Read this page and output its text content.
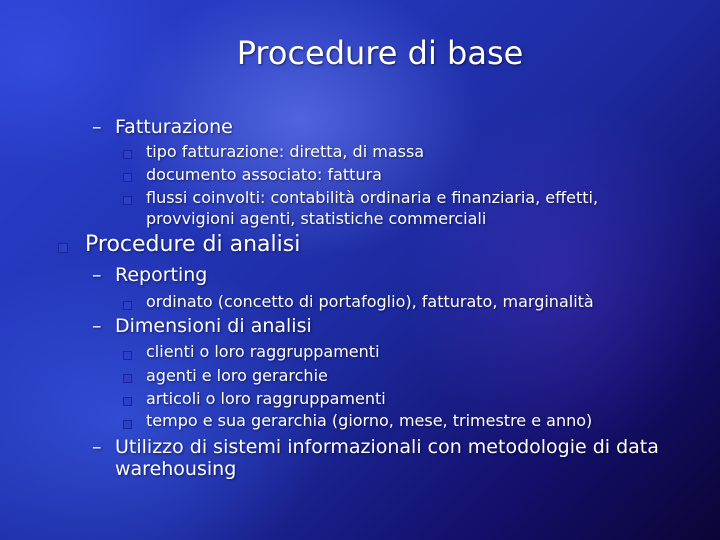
Procedure di base
– Fatturazione
tipo fatturazione: diretta, di massa
documento associato: fattura
flussi coinvolti: contabilità ordinaria e finanziaria, effetti,
provvigioni agenti, statistiche commerciali
Procedure di analisi
– Reporting
ordinato (concetto di portafoglio), fatturato, marginalità
– Dimensioni di analisi
clienti o loro raggruppamenti
agenti e loro gerarchie
articoli o loro raggruppamenti
tempo e sua gerarchia (giorno, mese, trimestre e anno)
– Utilizzo di sistemi informazionali con metodologie di data
warehousing
